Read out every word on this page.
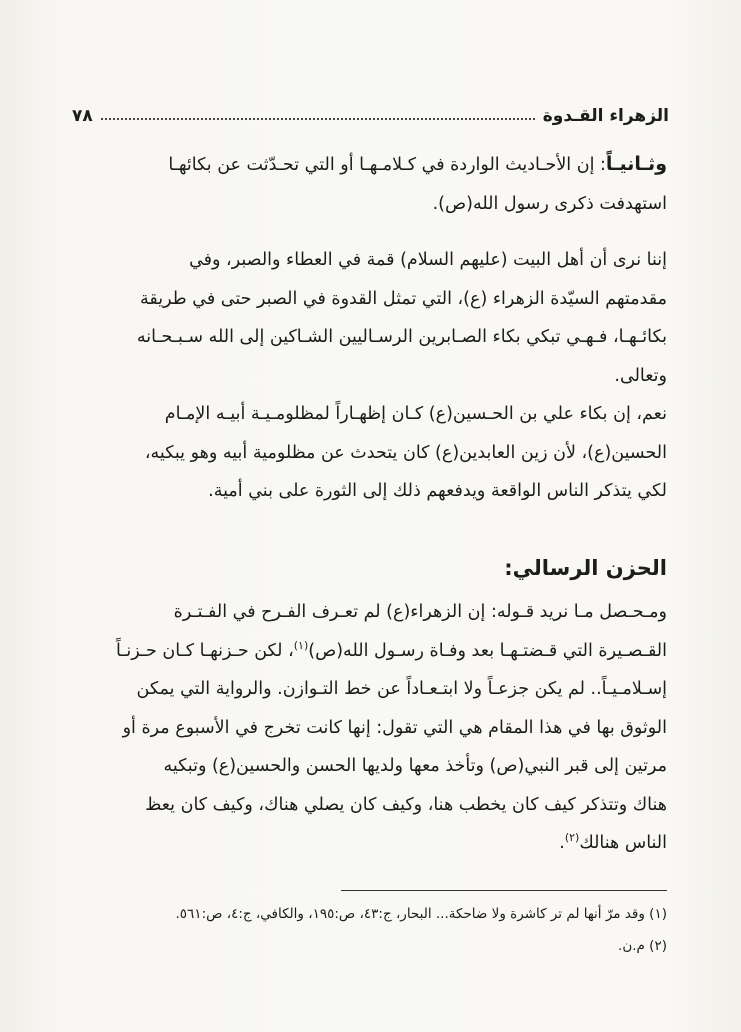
الزهراء القـدوة
٧٨

وثـانيـاً: إن الأحـاديث الواردة في كـلامـهـا أو التي تحـدّثت عن بكائهـا
استهدفت ذكرى رسول الله(ص).

إننا نرى أن أهل البيت (عليهم السلام) قمة في العطاء والصبر، وفي
مقدمتهم السيّدة الزهراء (ع)، التي تمثل القدوة في الصبر حتى في طريقة
بكائـهـا، فـهـي تبكي بكاء الصـابرين الرسـاليين الشـاكين إلى الله سـبـحـانه
وتعالى.

نعم، إن بكاء علي بن الحـسين(ع) كـان إظهـاراً لمظلومـيـة أبيـه الإمـام
الحسين(ع)، لأن زين العابدين(ع) كان يتحدث عن مظلومية أبيه وهو يبكيه،
لكي يتذكر الناس الواقعة ويدفعهم ذلك إلى الثورة على بني أمية.

الحزن الرسالي:

ومـحـصل مـا نريد قـوله: إن الزهراء(ع) لم تعـرف الفـرح في الفـتـرة
القـصـيرة التي قـضتـهـا بعد وفـاة رسـول الله(ص)$^{(١)}$، لكن حـزنهـا كـان حـزنـاً
إسـلامـيـاً.. لم يكن جزعـاً ولا ابتـعـاداً عن خط التـوازن. والرواية التي يمكن
الوثوق بها في هذا المقام هي التي تقول: إنها كانت تخرج في الأسبوع مرة أو
مرتين إلى قبر النبي(ص) وتأخذ معها ولديها الحسن والحسين(ع) وتبكيه
هناك وتتذكر كيف كان يخطب هنا، وكيف كان يصلي هناك، وكيف كان يعظ
الناس هنالك$^{(٢)}$.

(١) وقد مرّ أنها لم تر كاشرة ولا ضاحكة... البحار، ج:٤٣، ص:١٩٥، والكافي، ج:٤، ص:٥٦١.

(٢) م.ن.
